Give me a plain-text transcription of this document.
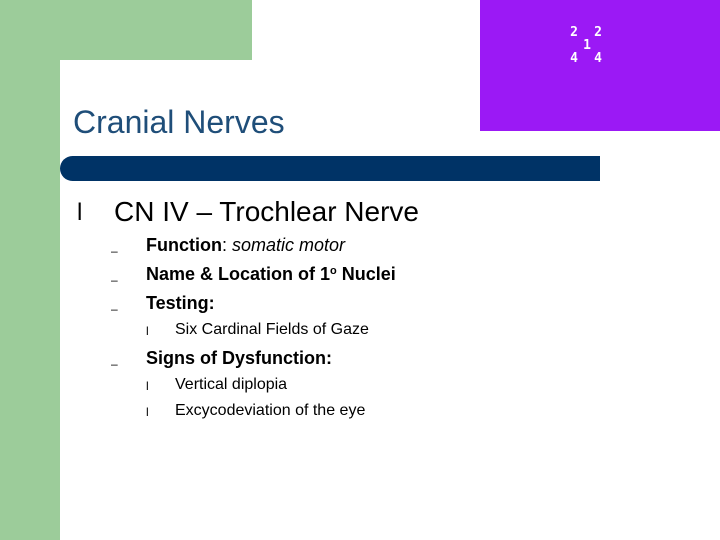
2 2
1
4 4
Cranial Nerves
l CN IV – Trochlear Nerve
– Function: somatic motor
– Name & Location of 1$^o$ Nuclei
– Testing:
l Six Cardinal Fields of Gaze
– Signs of Dysfunction:
l Vertical diplopia
l Excycodeviation of the eye
